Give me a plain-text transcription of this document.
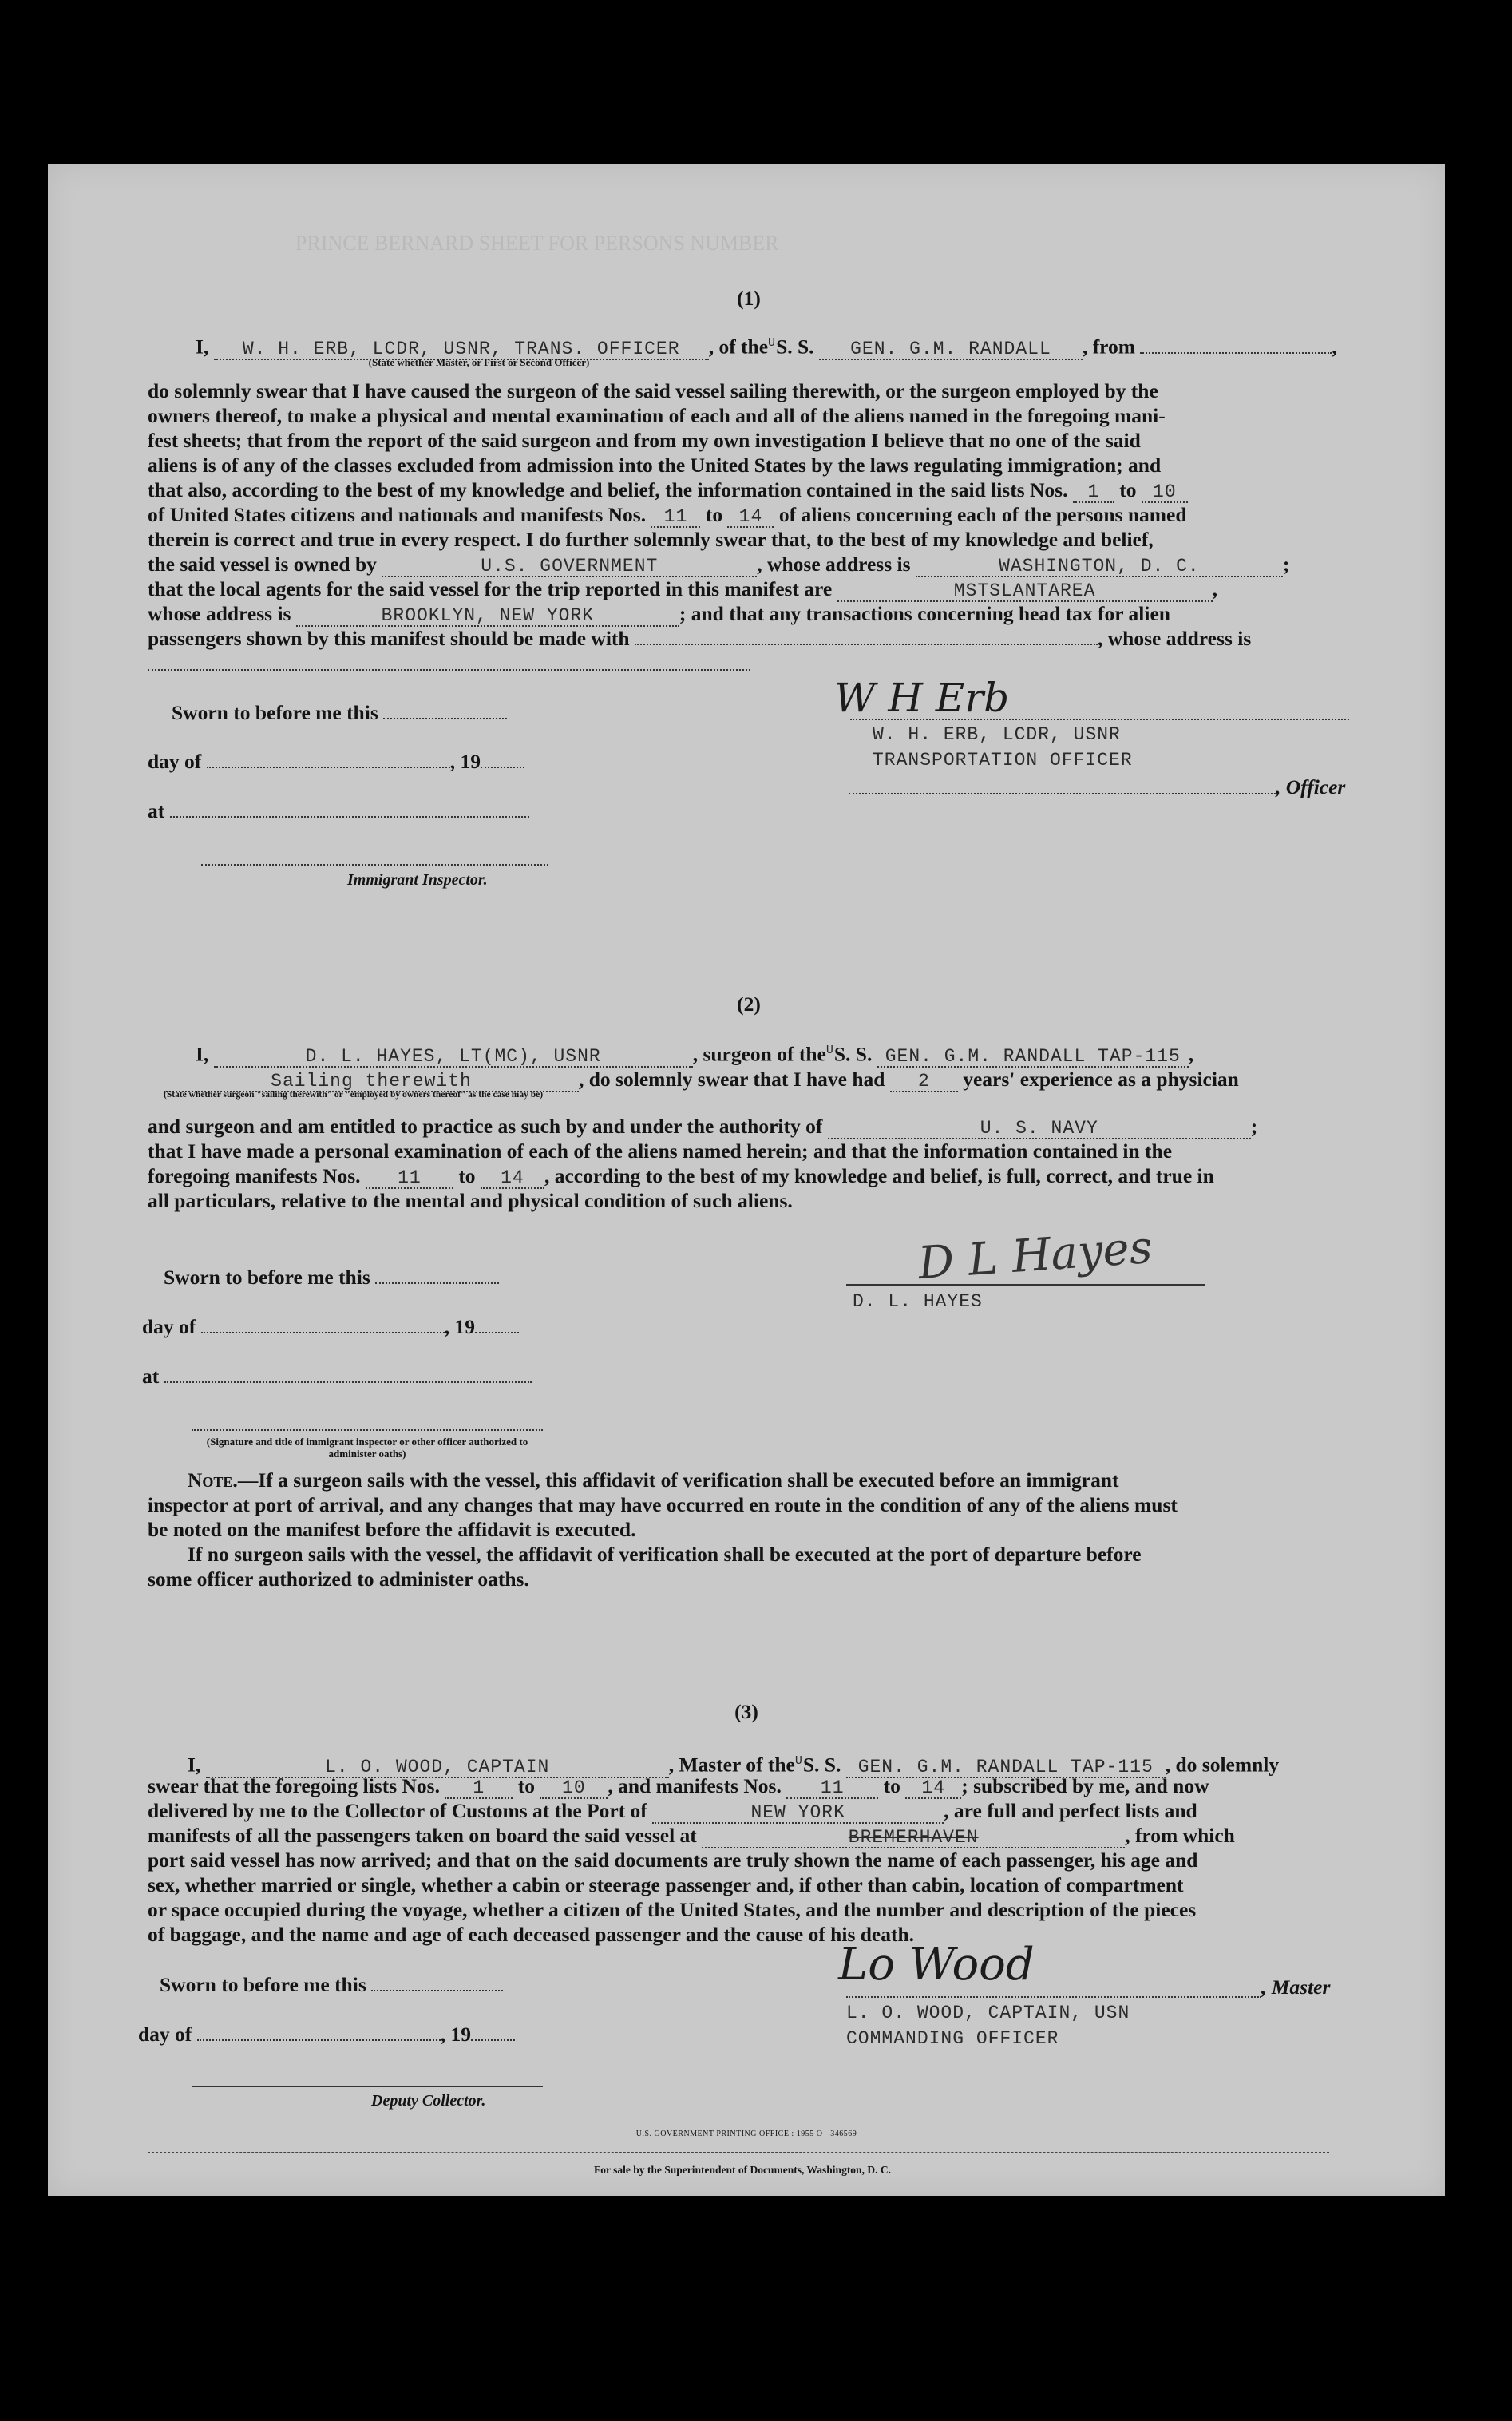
PRINCE BERNARD SHEET FOR PERSONS NUMBER
(1)
I, W. H. ERB, LCDR, USNR, TRANS. OFFICER , of the$^U$S. S. GEN. G.M. RANDALL , from	,
(State whether Master, or First or Second Officer)

do solemnly swear that I have caused the surgeon of the said vessel sailing therewith, or the surgeon employed by the

owners thereof, to make a physical and mental examination of each and all of the aliens named in the foregoing mani-

fest sheets; that from the report of the said surgeon and from my own investigation I believe that no one of the said

aliens is of any of the classes excluded from admission into the United States by the laws regulating immigration; and

that also, according to the best of my knowledge and belief, the information contained in the said lists Nos. 1 to 10
of United States citizens and nationals and manifests Nos. 11 to 14 of aliens concerning each of the persons named
therein is correct and true in every respect. I do further solemnly swear that, to the best of my knowledge and belief,
the said vessel is owned by	U.S. GOVERNMENT	, whose address is	WASHINGTON, D. C.	;
that the local agents for the said vessel for the trip reported in this manifest are	MSTSLANTAREA	,
whose address is	BROOKLYN, NEW YORK	; and that any transactions concerning head tax for alien
passengers shown by this manifest should be made with	, whose address is
Sworn to before me this
day of	, 19
at
Immigrant Inspector.
W H Erb
W. H. ERB, LCDR, USNR
TRANSPORTATION OFFICER
, Officer
(2)
I,	D. L. HAYES, LT(MC), USNR	, surgeon of the$^U$S. S. GEN. G.M. RANDALL TAP-115 ,
Sailing therewith	, do solemnly swear that I have had 2 years' experience as a physician
(State whether surgeon "sailing therewith" or "employed by owners thereof" as the case may be)
and surgeon and am entitled to practice as such by and under the authority of	U. S. NAVY	;
that I have made a personal examination of each of the aliens named herein; and that the information contained in the
foregoing manifests Nos. 11 to 14 , according to the best of my knowledge and belief, is full, correct, and true in
all particulars, relative to the mental and physical condition of such aliens.
Sworn to before me this
day of	, 19
at
(Signature and title of immigrant inspector or other officer authorized to administer oaths)
D L Hayes
D. L. HAYES

Note.—If a surgeon sails with the vessel, this affidavit of verification shall be executed before an immigrant

inspector at port of arrival, and any changes that may have occurred en route in the condition of any of the aliens must

be noted on the manifest before the affidavit is executed.

If no surgeon sails with the vessel, the affidavit of verification shall be executed at the port of departure before

some officer authorized to administer oaths.

(3)
I,	L. O. WOOD, CAPTAIN	, Master of the$^U$S. S. GEN. G.M. RANDALL TAP-115 , do solemnly
swear that the foregoing lists Nos. 1 to 10 , and manifests Nos. 11 to 14 ; subscribed by me, and now
delivered by me to the Collector of Customs at the Port of	NEW YORK	, are full and perfect lists and
manifests of all the passengers taken on board the said vessel at	BREMERHAVEN	, from which

port said vessel has now arrived; and that on the said documents are truly shown the name of each passenger, his age and

sex, whether married or single, whether a cabin or steerage passenger and, if other than cabin, location of compartment

or space occupied during the voyage, whether a citizen of the United States, and the number and description of the pieces

of baggage, and the name and age of each deceased passenger and the cause of his death.

Sworn to before me this
day of	, 19
Deputy Collector.
Lo Wood	, Master
L. O. WOOD, CAPTAIN, USN
COMMANDING OFFICER
U.S. GOVERNMENT PRINTING OFFICE : 1955 O - 346569
For sale by the Superintendent of Documents, Washington, D. C.
